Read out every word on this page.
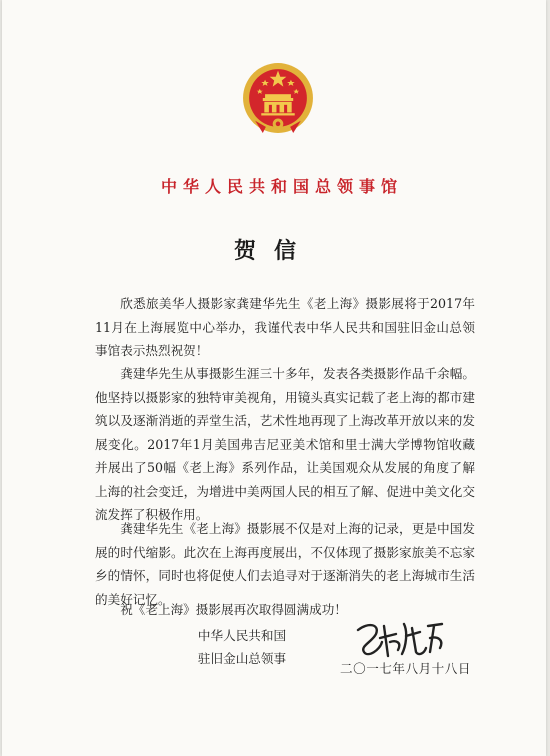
中华人民共和国总领事馆
贺信

欣悉旅美华人摄影家龚建华先生《老上海》摄影展将于2017年11月在上海展览中心举办，我谨代表中华人民共和国驻旧金山总领事馆表示热烈祝贺！

龚建华先生从事摄影生涯三十多年，发表各类摄影作品千余幅。他坚持以摄影家的独特审美视角，用镜头真实记载了老上海的都市建筑以及逐渐消逝的弄堂生活，艺术性地再现了上海改革开放以来的发展变化。2017年1月美国弗吉尼亚美术馆和里士满大学博物馆收藏并展出了50幅《老上海》系列作品，让美国观众从发展的角度了解上海的社会变迁，为增进中美两国人民的相互了解、促进中美文化交流发挥了积极作用。

龚建华先生《老上海》摄影展不仅是对上海的记录，更是中国发展的时代缩影。此次在上海再度展出，不仅体现了摄影家旅美不忘家乡的情怀，同时也将促使人们去追寻对于逐渐消失的老上海城市生活的美好记忆。

祝《老上海》摄影展再次取得圆满成功！

中华人民共和国
驻旧金山总领事
二〇一七年八月十八日
